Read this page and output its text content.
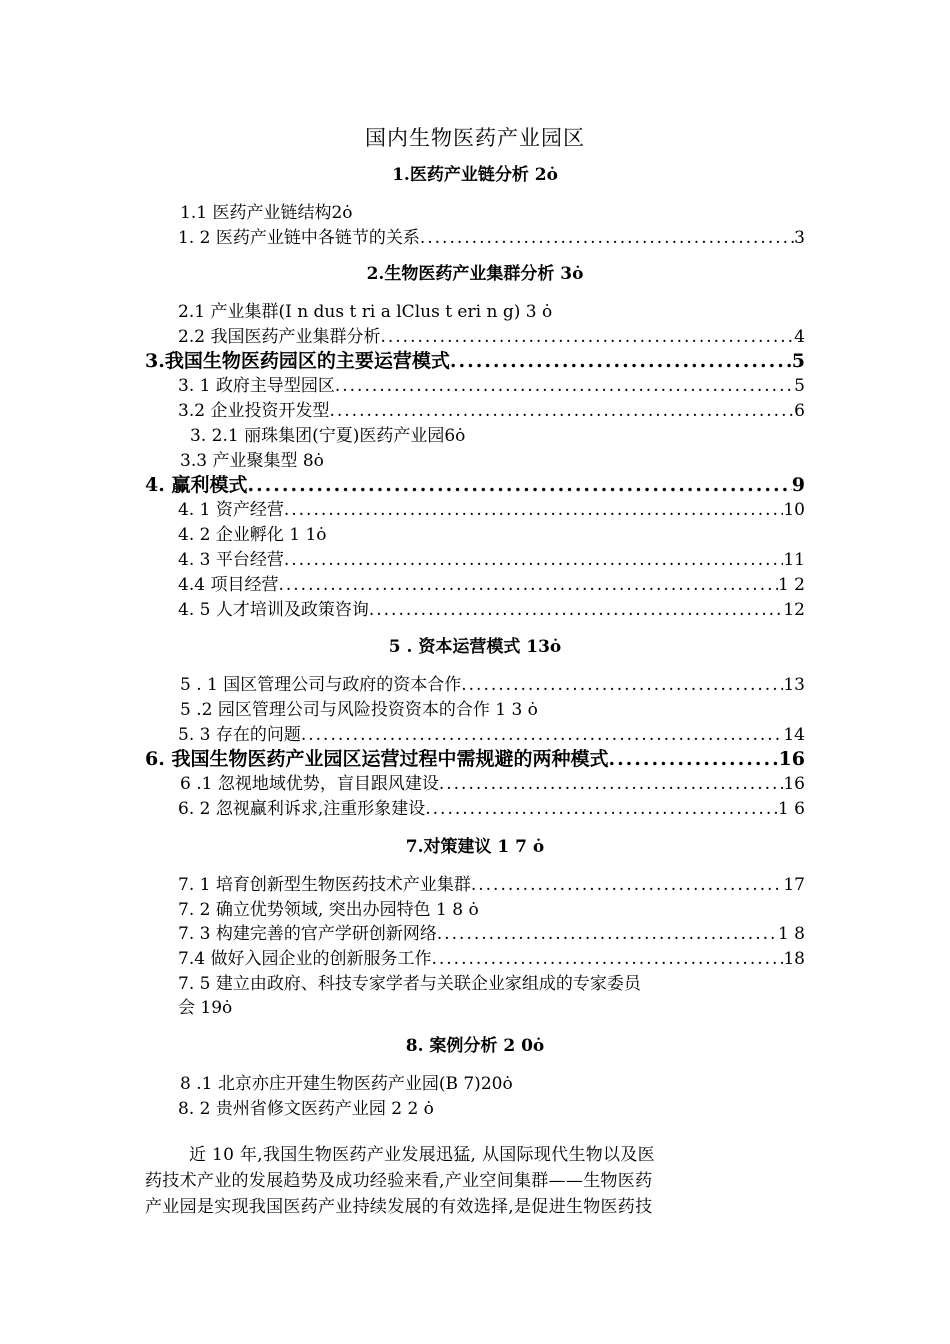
国内生物医药产业园区
1.医药产业链分析 2ȯ
1.1 医药产业链结构2ȯ
1. 2 医药产业链中各链节的关系 .....	3
2.生物医药产业集群分析 3ȯ
2.1 产业集群(I n dus t ri a lClus t eri n g) 3 ȯ
2.2 我国医药产业集群分析 .....	4
3.我国生物医药园区的主要运营模式 .....	5
3. 1 政府主导型园区 .....	5
3.2 企业投资开发型 .....	6
3. 2.1 丽珠集团(宁夏)医药产业园6ȯ
3.3 产业聚集型 8ȯ
4. 赢利模式 .....	9
4. 1 资产经营 .....	10
4. 2 企业孵化 1 1ȯ
4. 3 平台经营 .....	11
4.4 项目经营 .....	1 2
4. 5 人才培训及政策咨询 .....	12
5 . 资本运营模式 13ȯ
5 . 1 国区管理公司与政府的资本合作 .....	13
5 .2 园区管理公司与风险投资资本的合作 1 3 ȯ
5. 3 存在的问题 .....	14
6. 我国生物医药产业园区运营过程中需规避的两种模式 .....	16
6 .1 忽视地域优势，盲目跟风建设 .....	16
6. 2 忽视赢利诉求,注重形象建设 .....	1 6
7.对策建议 1 7 ȯ
7. 1 培育创新型生物医药技术产业集群 .....	17
7. 2 确立优势领域, 突出办园特色 1 8 ȯ
7. 3 构建完善的官产学研创新网络 .....	1 8
7.4 做好入园企业的创新服务工作 .....	18
7. 5 建立由政府、科技专家学者与关联企业家组成的专家委员
会 19ȯ
8. 案例分析 2 0ȯ
8 .1 北京亦庄开建生物医药产业园(B 7)20ȯ
8. 2 贵州省修文医药产业园 2 2 ȯ
近 10 年,我国生物医药产业发展迅猛, 从国际现代生物以及医
药技术产业的发展趋势及成功经验来看,产业空间集群——生物医药
产业园是实现我国医药产业持续发展的有效选择,是促进生物医药技
